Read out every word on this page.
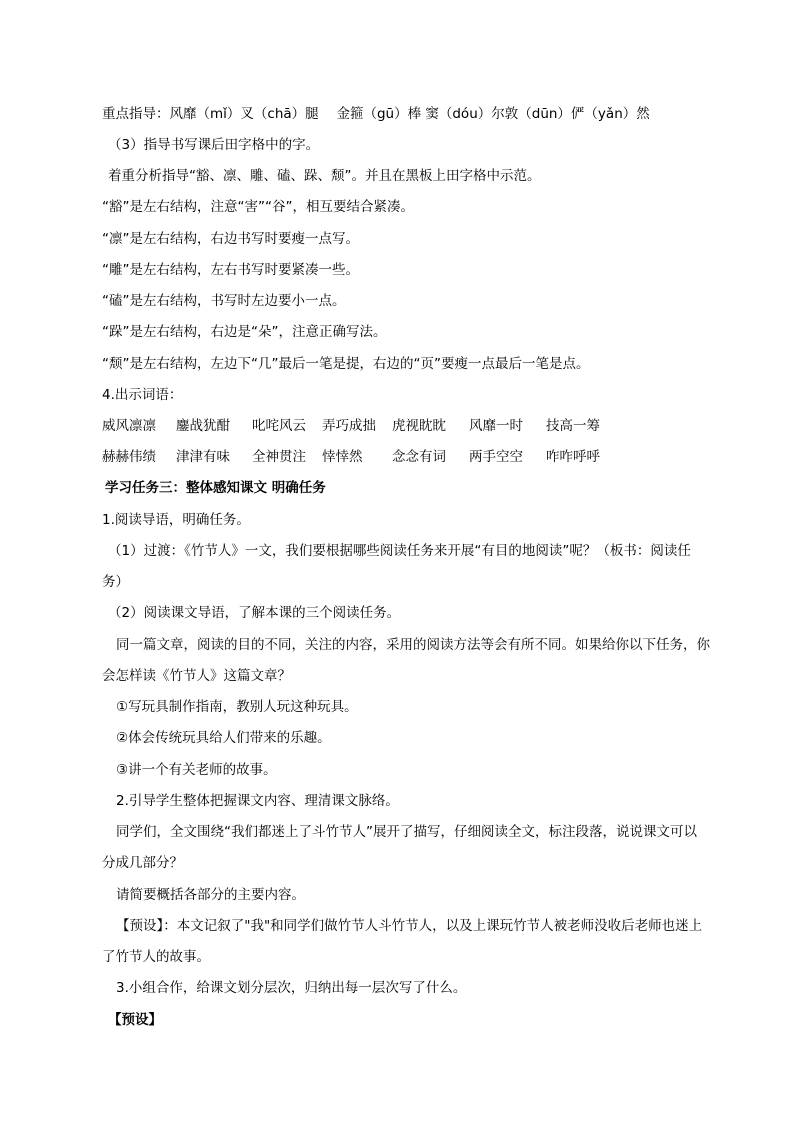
重点指导：风靡（mǐ）叉（chā）腿　 金箍（gū）棒 窦（dóu）尔敦（dūn）俨（yǎn）然
（3）指导书写课后田字格中的字。
着重分析指导“豁、凛、雕、磕、跺、颓”。并且在黑板上田字格中示范。
“豁”是左右结构，注意“害”“谷”，相互要结合紧凑。
“凛”是左右结构，右边书写时要瘦一点写。
“雕”是左右结构，左右书写时要紧凑一些。
“磕”是左右结构，书写时左边要小一点。
“跺”是左右结构，右边是“朵”，注意正确写法。
“颓”是左右结构，左边下“几”最后一笔是提，右边的“页”要瘦一点最后一笔是点。
4.出示词语：
威风凛凛 鏖战犹酣 叱咤风云 弄巧成拙 虎视眈眈 风靡一时 技高一筹
赫赫伟绩 津津有味 全神贯注 悻悻然 念念有词 两手空空 咋咋呼呼
学习任务三：整体感知课文 明确任务
1.阅读导语，明确任务。
（1）过渡：《竹节人》一文，我们要根据哪些阅读任务来开展“有目的地阅读”呢？（板书：阅读任
务）
（2）阅读课文导语，了解本课的三个阅读任务。
同一篇文章，阅读的目的不同，关注的内容，采用的阅读方法等会有所不同。如果给你以下任务，你
会怎样读《竹节人》这篇文章？
①写玩具制作指南，教别人玩这种玩具。
②体会传统玩具给人们带来的乐趣。
③讲一个有关老师的故事。
2.引导学生整体把握课文内容、理清课文脉络。
同学们，全文围绕“我们都迷上了斗竹节人”展开了描写，仔细阅读全文，标注段落，说说课文可以
分成几部分？
请简要概括各部分的主要内容。
【预设】：本文记叙了"我"和同学们做竹节人斗竹节人，以及上课玩竹节人被老师没收后老师也迷上
了竹节人的故事。
3.小组合作，给课文划分层次，归纳出每一层次写了什么。
【预设】
